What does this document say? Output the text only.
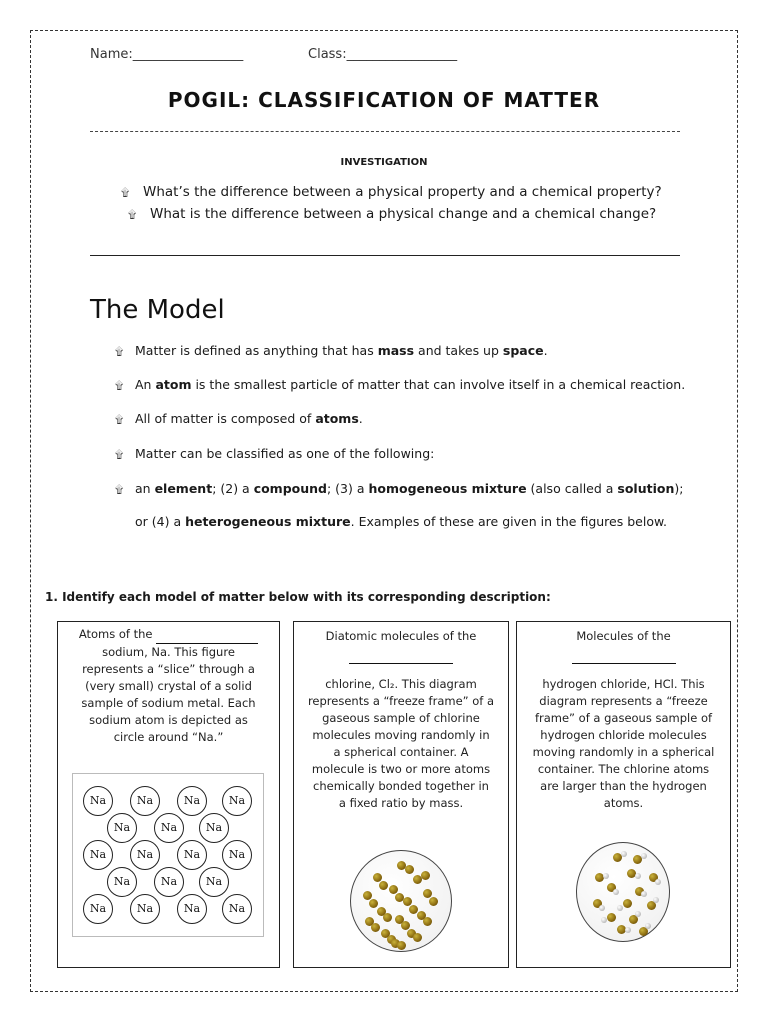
Name:_________________	Class:_________________
POGIL: CLASSIFICATION OF MATTER
INVESTIGATION
۩ What’s the difference between a physical property and a chemical property?
۩ What is the difference between a physical change and a chemical change?
The Model
۩ Matter is defined as anything that has mass and takes up space.
۩ An atom is the smallest particle of matter that can involve itself in a chemical reaction.
۩ All of matter is composed of atoms.
۩ Matter can be classified as one of the following:
۩ an element; (2) a compound; (3) a homogeneous mixture (also called a solution);
or (4) a heterogeneous mixture. Examples of these are given in the figures below.
1. Identify each model of matter below with its corresponding description:
Atoms of the
sodium, Na. This figure
represents a “slice” through a
(very small) crystal of a solid
sample of sodium metal. Each
sodium atom is depicted as
circle around “Na.”
Na	Na	Na	Na
Na	Na	Na
Na	Na	Na	Na
Na	Na	Na
Na	Na	Na	Na
Diatomic molecules of the

chlorine, Cl₂. This diagram
represents a “freeze frame” of a
gaseous sample of chlorine
molecules moving randomly in
a spherical container. A
molecule is two or more atoms
chemically bonded together in
a fixed ratio by mass.
Molecules of the

hydrogen chloride, HCl. This
diagram represents a “freeze
frame” of a gaseous sample of
hydrogen chloride molecules
moving randomly in a spherical
container. The chlorine atoms
are larger than the hydrogen
atoms.
